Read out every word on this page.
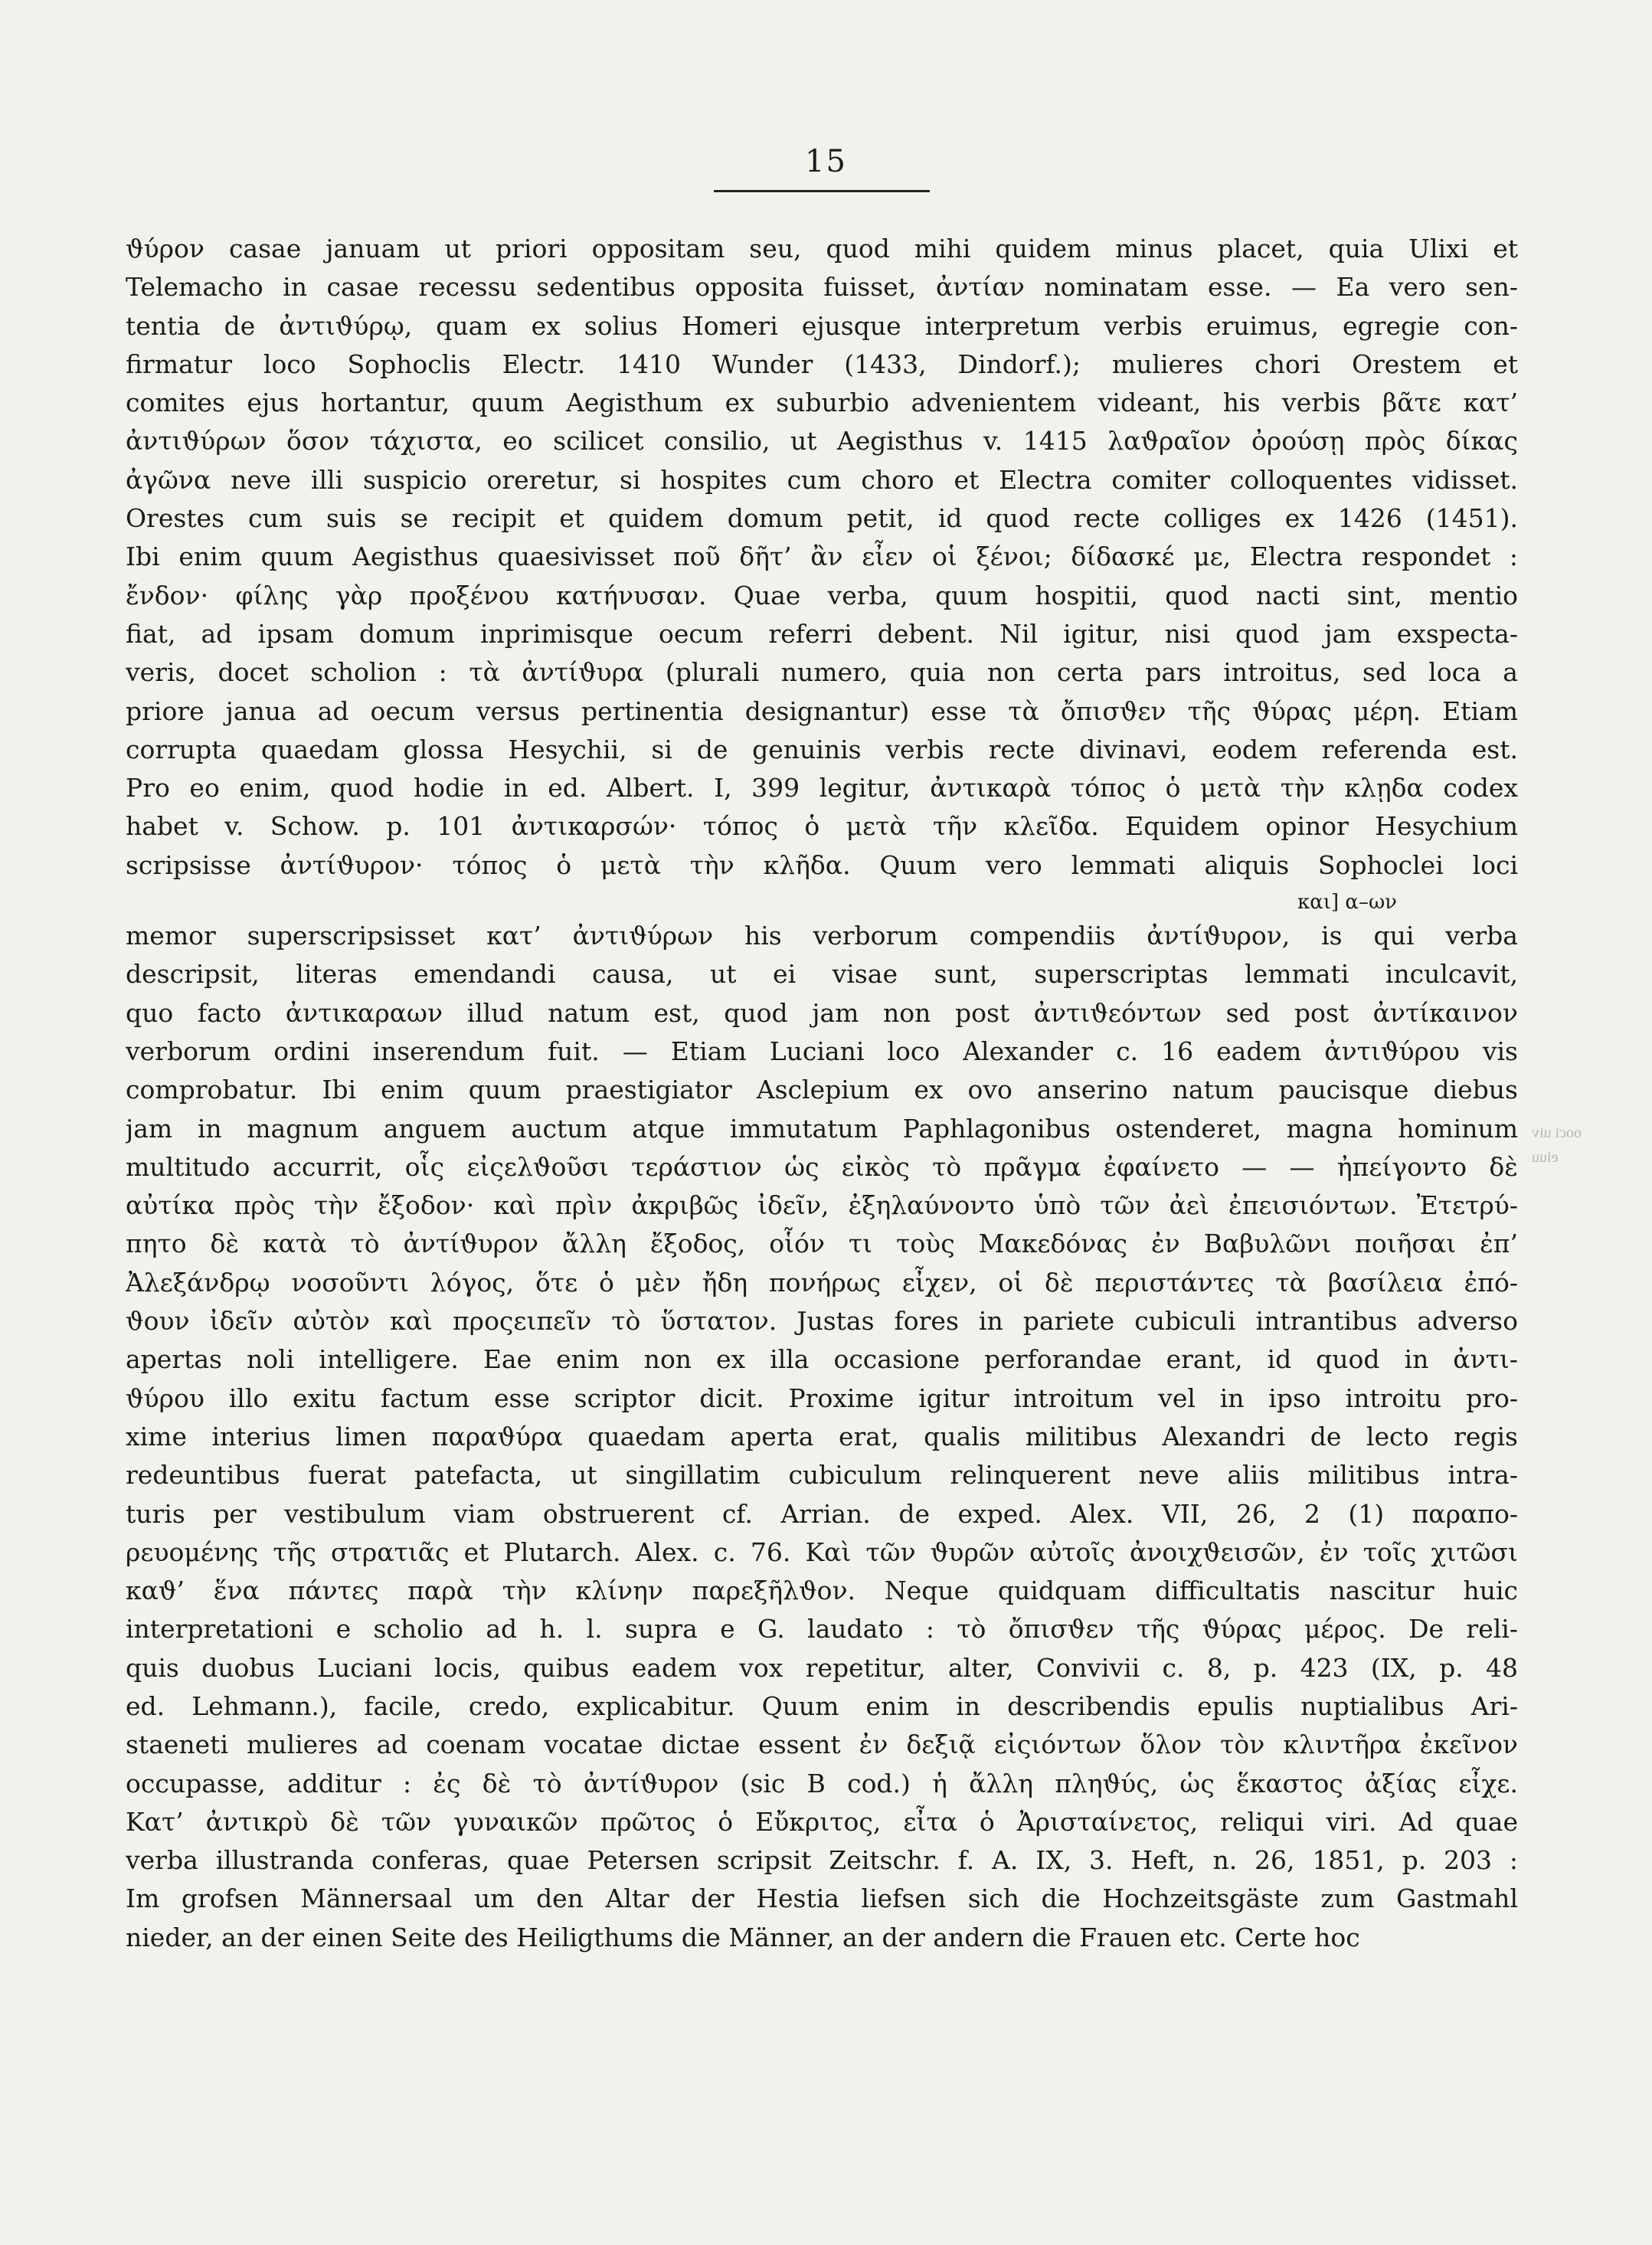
15
ooci uiv
eiuu
ϑύρον casae januam ut priori oppositam seu, quod mihi quidem minus placet, quia Ulixi et
Telemacho in casae recessu sedentibus opposita fuisset, ἀντίαν nominatam esse. — Ea vero sen-
tentia de ἀντιϑύρῳ, quam ex solius Homeri ejusque interpretum verbis eruimus, egregie con-
firmatur loco Sophoclis Electr. 1410 Wunder (1433, Dindorf.); mulieres chori Orestem et
comites ejus hortantur, quum Aegisthum ex suburbio advenientem videant, his verbis βᾶτε κατ’
ἀντιϑύρων ὅσον τάχιστα, eo scilicet consilio, ut Aegisthus v. 1415 λαϑραῖον ὀρούσῃ πρὸς δίκας
ἀγῶνα neve illi suspicio oreretur, si hospites cum choro et Electra comiter colloquentes vidisset.
Orestes cum suis se recipit et quidem domum petit, id quod recte colliges ex 1426 (1451).
Ibi enim quum Aegisthus quaesivisset ποῦ δῆτ’ ἂν εἶεν οἱ ξένοι; δίδασκέ με, Electra respondet :
ἔνδον· φίλης γὰρ προξένου κατήνυσαν. Quae verba, quum hospitii, quod nacti sint, mentio
fiat, ad ipsam domum inprimisque oecum referri debent. Nil igitur, nisi quod jam exspecta-
veris, docet scholion : τὰ ἀντίϑυρα (plurali numero, quia non certa pars introitus, sed loca a
priore janua ad oecum versus pertinentia designantur) esse τὰ ὄπισϑεν τῆς ϑύρας μέρη. Etiam
corrupta quaedam glossa Hesychii, si de genuinis verbis recte divinavi, eodem referenda est.
Pro eo enim, quod hodie in ed. Albert. I, 399 legitur, ἀντικαρὰ τόπος ὁ μετὰ τὴν κλῃδα codex
habet v. Schow. p. 101 ἀντικαρσών· τόπος ὁ μετὰ τῆν κλεῖδα. Equidem opinor Hesychium
scripsisse ἀντίϑυρον· τόπος ὁ μετὰ τὴν κλῆδα. Quum vero lemmati aliquis Sophoclei loci
και] α–ων
memor superscripsisset κατ’ ἀντιϑύρων his verborum compendiis ἀντίϑυρον, is qui verba
descripsit, literas emendandi causa, ut ei visae sunt, superscriptas lemmati inculcavit,
quo facto ἀντικαραων illud natum est, quod jam non post ἀντιϑεόντων sed post ἀντίκαινον
verborum ordini inserendum fuit. — Etiam Luciani loco Alexander c. 16 eadem ἀντιϑύρου vis
comprobatur. Ibi enim quum praestigiator Asclepium ex ovo anserino natum paucisque diebus
jam in magnum anguem auctum atque immutatum Paphlagonibus ostenderet, magna hominum
multitudo accurrit, οἷς εἰςελϑοῦσι τεράστιον ὡς εἰκὸς τὸ πρᾶγμα ἐφαίνετο — — ἠπείγοντο δὲ
αὐτίκα πρὸς τὴν ἔξοδον· καὶ πρὶν ἀκριβῶς ἰδεῖν, ἐξηλαύνοντο ὑπὸ τῶν ἀεὶ ἐπεισιόντων. Ἐτετρύ-
πητο δὲ κατὰ τὸ ἀντίϑυρον ἄλλη ἔξοδος, οἷόν τι τοὺς Μακεδόνας ἐν Βαβυλῶνι ποιῆσαι ἐπ’
Ἀλεξάνδρῳ νοσοῦντι λόγος, ὅτε ὁ μὲν ἤδη πονήρως εἶχεν, οἱ δὲ περιστάντες τὰ βασίλεια ἐπό-
ϑουν ἰδεῖν αὐτὸν καὶ προςειπεῖν τὸ ὕστατον. Justas fores in pariete cubiculi intrantibus adverso
apertas noli intelligere. Eae enim non ex illa occasione perforandae erant, id quod in ἀντι-
ϑύρου illo exitu factum esse scriptor dicit. Proxime igitur introitum vel in ipso introitu pro-
xime interius limen παραϑύρα quaedam aperta erat, qualis militibus Alexandri de lecto regis
redeuntibus fuerat patefacta, ut singillatim cubiculum relinquerent neve aliis militibus intra-
turis per vestibulum viam obstruerent cf. Arrian. de exped. Alex. VII, 26, 2 (1) παραπο-
ρευομένης τῆς στρατιᾶς et Plutarch. Alex. c. 76. Καὶ τῶν ϑυρῶν αὐτοῖς ἀνοιχϑεισῶν, ἐν τοῖς χιτῶσι
καϑ’ ἕνα πάντες παρὰ τὴν κλίνην παρεξῆλϑον. Neque quidquam difficultatis nascitur huic
interpretationi e scholio ad h. l. supra e G. laudato : τὸ ὄπισϑεν τῆς ϑύρας μέρος. De reli-
quis duobus Luciani locis, quibus eadem vox repetitur, alter, Convivii c. 8, p. 423 (IX, p. 48
ed. Lehmann.), facile, credo, explicabitur. Quum enim in describendis epulis nuptialibus Ari-
staeneti mulieres ad coenam vocatae dictae essent ἐν δεξιᾷ εἰςιόντων ὅλον τὸν κλιντῆρα ἐκεῖνον
occupasse, additur : ἐς δὲ τὸ ἀντίϑυρον (sic B cod.) ἡ ἄλλη πληϑύς, ὡς ἕκαστος ἀξίας εἶχε.
Κατ’ ἀντικρὺ δὲ τῶν γυναικῶν πρῶτος ὁ Εὔκριτος, εἶτα ὁ Ἀρισταίνετος, reliqui viri. Ad quae
verba illustranda conferas, quae Petersen scripsit Zeitschr. f. A. IX, 3. Heft, n. 26, 1851, p. 203 :
Im grofsen Männersaal um den Altar der Hestia liefsen sich die Hochzeitsgäste zum Gastmahl
nieder, an der einen Seite des Heiligthums die Männer, an der andern die Frauen etc. Certe hoc
